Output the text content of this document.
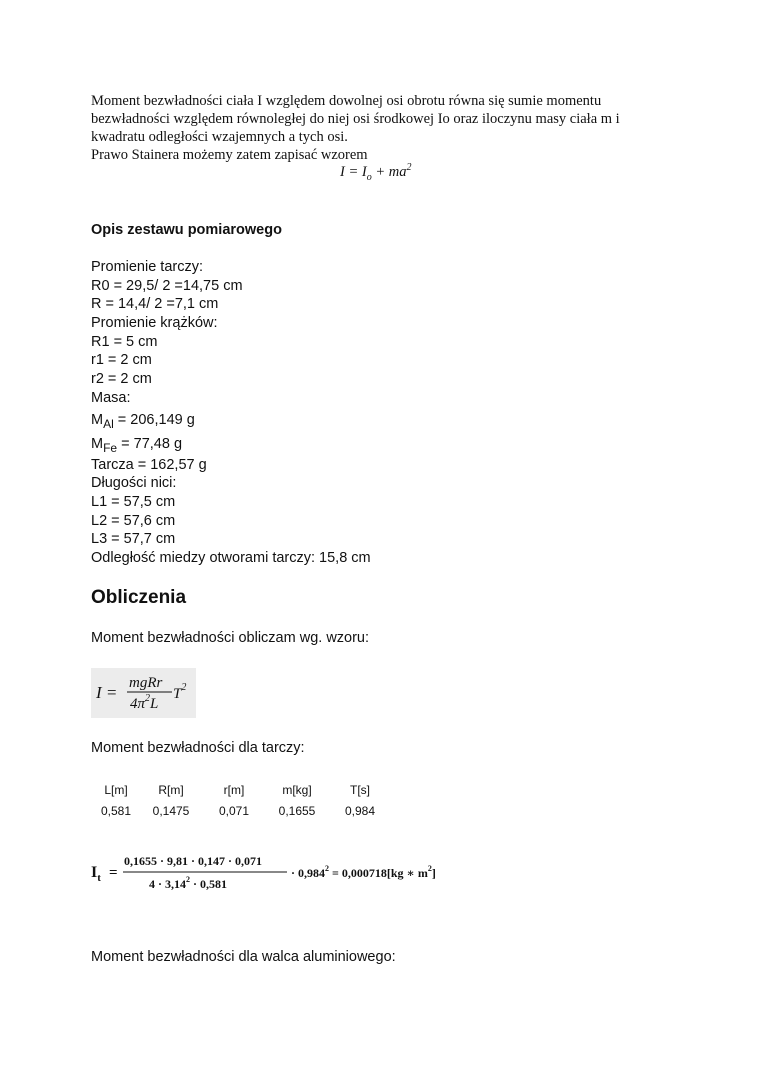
Moment bezwładności ciała I względem dowolnej osi obrotu równa się sumie momentu

bezwładności względem równoległej do niej osi środkowej Io oraz iloczynu masy ciała m i

kwadratu odległości wzajemnych a tych osi.

Prawo Stainera możemy zatem zapisać wzorem

$I = I_o + ma^2$
Opis zestawu pomiarowego
Promienie tarczy:
R0 = 29,5/ 2 =14,75 cm
R = 14,4/ 2 =7,1 cm
Promienie krążków:
R1 = 5 cm
r1 = 2 cm
r2 = 2 cm
Masa:
$M_{Al} = 206,149$ g
$M_{Fe} = 77,48$ g
Tarcza = 162,57 g
Długości nici:
L1 = 57,5 cm
L2 = 57,6 cm
L3 = 57,7 cm
Odległość miedzy otworami tarczy: 15,8 cm
Obliczenia
Moment bezwładności obliczam wg. wzoru:
I = mgRr
$4\pi^2L$
$T^2$
Moment bezwładności dla tarczy:
L[m]	R[m]	r[m]	m[kg]	T[s]
0,581	0,1475	0,071	0,1655	0,984
$I_t$ =
0,1655 · 9,81 · 0,147 · 0,071
$4 \cdot 3,14^2 \cdot 0,581$
· $0,984^2 = 0,000718[kg$ ∗ $m^2$]
Moment bezwładności dla walca aluminiowego:
